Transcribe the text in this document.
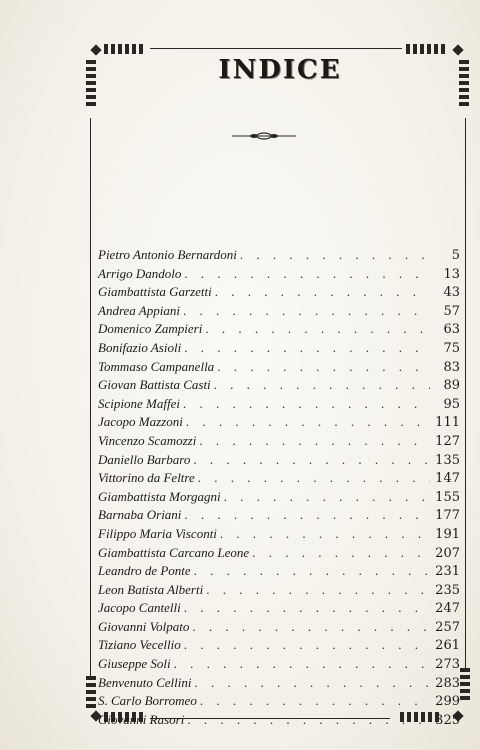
INDICE
Pietro Antonio Bernardoni . . .	5
Arrigo Dandolo . . .	13
Giambattista Garzetti . . .	43
Andrea Appiani . . .	57
Domenico Zampieri . . .	63
Bonifazio Asioli . . .	75
Tommaso Campanella . . .	83
Giovan Battista Casti . . .	89
Scipione Maffei . . .	95
Jacopo Mazzoni . . .	111
Vincenzo Scamozzi . . .	127
Daniello Barbaro . . .	135
Vittorino da Feltre . . .	147
Giambattista Morgagni . . .	155
Barnaba Oriani . . .	177
Filippo Maria Visconti . . .	191
Giambattista Carcano Leone . . .	207
Leandro de Ponte . . .	231
Leon Batista Alberti . . .	235
Jacopo Cantelli . . .	247
Giovanni Volpato . . .	257
Tiziano Vecellio . . .	261
Giuseppe Soli . . .	273
Benvenuto Cellini . . .	283
S. Carlo Borromeo . . .	299
Giovanni Rasori . . .	325
